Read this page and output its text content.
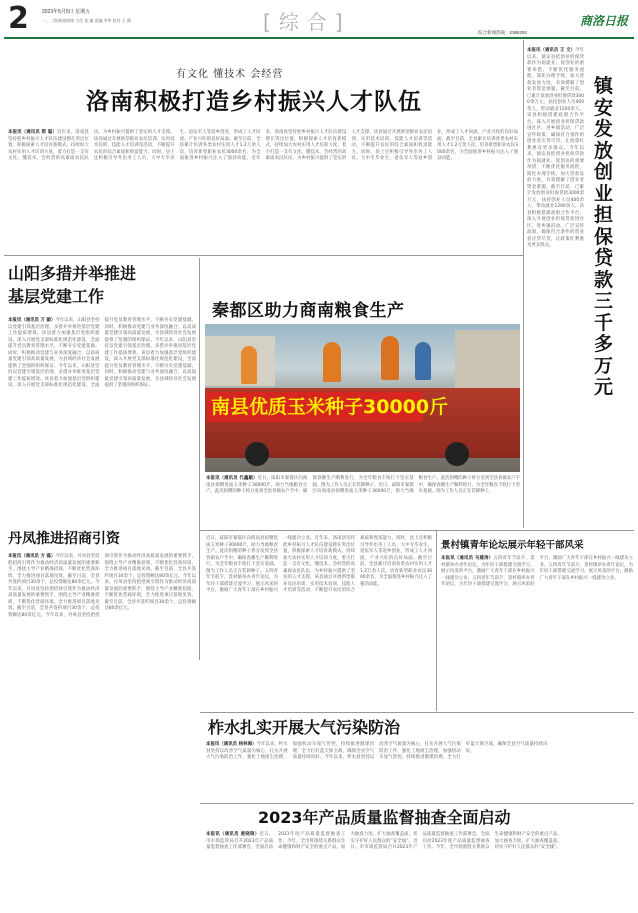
2	2023年5月5日 星期五
一、二级新闻热线 主任 张 编 责编 李华 校对 王 刚	[综合]	综合新闻热线：2386292
商洛日报
有文化 懂技术 会经营
洛南积极打造乡村振兴人才队伍
本报讯（通讯员 郭 聪）近年来，洛南县坚持把乡村振兴人才队伍建设摆在突出位置，积极探索人才培育新模式，持续加大农村实用人才培训力度，着力打造一支有文化、懂技术、会经营的高素质农民队伍，为乡村振兴提供了坚实的人才支撑。该县通过开展新型职业农民培训、实用技术培训、技能人才培训等活动，不断提升农民的综合素质和致富能力。同时，县上还积极引导外出务工人员、大中专毕业生、退伍军人等返乡创业，形成了人才回流、产业兴旺的良好局面。截至目前，全县累计培训各类农村实用人才1.2万余人次，培育新型职业农民3000余名，为全面推进乡村振兴注入了强劲动能。近年来，洛南县坚持把乡村振兴人才队伍建设摆在突出位置，积极探索人才培育新模式，持续加大农村实用人才培训力度，着力打造一支有文化、懂技术、会经营的高素质农民队伍，为乡村振兴提供了坚实的人才支撑。该县通过开展新型职业农民培训、实用技术培训、技能人才培训等活动，不断提升农民的综合素质和致富能力。同时，县上还积极引导外出务工人员、大中专毕业生、退伍军人等返乡创业，形成了人才回流、产业兴旺的良好局面。截至目前，全县累计培训各类农村实用人才1.2万余人次，培育新型职业农民3000余名，为全面推进乡村振兴注入了强劲动能。
本报讯（通讯员 王 文）今年以来，镇安县把创业担保贷款作为稳就业、促创业的重要举措，不断优化服务流程，简化办理手续，加大贷款发放力度，有效缓解了创业者资金难题。截至目前，已累计发放创业担保贷款3000余万元，扶持创业人员400余人，带动就业1200余人。该县积极搭建政银合作平台，深入开展创业担保贷款进社区、进乡镇活动，广泛宣传政策，确保符合条件的创业者应贷尽贷，让政策红利惠及更多群众。今年以来，镇安县把创业担保贷款作为稳就业、促创业的重要举措，不断优化服务流程，简化办理手续，加大贷款发放力度，有效缓解了创业者资金难题。截至目前，已累计发放创业担保贷款3000余万元，扶持创业人员400余人，带动就业1200余人。该县积极搭建政银合作平台，深入开展创业担保贷款进社区、进乡镇活动，广泛宣传政策，确保符合条件的创业者应贷尽贷，让政策红利惠及更多群众。
镇安发放创业担保贷款三千多万元
山阳多措并举推进基层党建工作
本报讯（通讯员 万 颖）今年以来，山阳县坚持以党建引领基层治理，多措并举推进基层党建工作提质增效。该县着力加强基层党组织建设，深入开展党支部标准化规范化建设，全面提升党员教育管理水平，不断夯实党建基础。同时，积极推动党建与业务深度融合，以高质量党建引领高质量发展，为县域经济社会发展提供了坚强的组织保证。今年以来，山阳县坚持以党建引领基层治理，多措并举推进基层党建工作提质增效。该县着力加强基层党组织建设，深入开展党支部标准化规范化建设，全面提升党员教育管理水平，不断夯实党建基础。同时，积极推动党建与业务深度融合，以高质量党建引领高质量发展，为县域经济社会发展提供了坚强的组织保证。今年以来，山阳县坚持以党建引领基层治理，多措并举推进基层党建工作提质增效。该县着力加强基层党组织建设，深入开展党支部标准化规范化建设，全面提升党员教育管理水平，不断夯实党建基础。同时，积极推动党建与业务深度融合，以高质量党建引领高质量发展，为县域经济社会发展提供了坚强的组织保证。
秦都区助力商南粮食生产
南县优质玉米种子30000斤
本报讯（通讯员 代鑫颖）近日，咸阳市秦都区向商南县捐赠优质玉米种子30000斤，助力当地粮食生产。此次捐赠的种子将分发到全县各镇农户手中，确保春播生产顺利进行，为全年粮食丰收打下坚实基础。图为工作人员正在装卸种子。近日，咸阳市秦都区向商南县捐赠优质玉米种子30000斤，助力当地粮食生产。此次捐赠的种子将分发到全县各镇农户手中，确保春播生产顺利进行，为全年粮食丰收打下坚实基础。图为工作人员正在装卸种子。
景村镇青年论坛展示年轻干部风采
本报讯（通讯员 马建涛）五四青年节前夕，景村镇举办青年论坛，为年轻干部搭建交流学习、展示风采的平台，激励广大青年干部在乡村振兴一线建功立业。五四青年节前夕，景村镇举办青年论坛，为年轻干部搭建交流学习、展示风采的平台，激励广大青年干部在乡村振兴一线建功立业。五四青年节前夕，景村镇举办青年论坛，为年轻干部搭建交流学习、展示风采的平台，激励广大青年干部在乡村振兴一线建功立业。
近日，咸阳市秦都区向商南县捐赠优质玉米种子30000斤，助力当地粮食生产。此次捐赠的种子将分发到全县各镇农户手中，确保春播生产顺利进行，为全年粮食丰收打下坚实基础。图为工作人员正在装卸种子。五四青年节前夕，景村镇举办青年论坛，为年轻干部搭建交流学习、展示风采的平台，激励广大青年干部在乡村振兴一线建功立业。近年来，洛南县坚持把乡村振兴人才队伍建设摆在突出位置，积极探索人才培育新模式，持续加大农村实用人才培训力度，着力打造一支有文化、懂技术、会经营的高素质农民队伍，为乡村振兴提供了坚实的人才支撑。该县通过开展新型职业农民培训、实用技术培训、技能人才培训等活动，不断提升农民的综合素质和致富能力。同时，县上还积极引导外出务工人员、大中专毕业生、退伍军人等返乡创业，形成了人才回流、产业兴旺的良好局面。截至目前，全县累计培训各类农村实用人才1.2万余人次，培育新型职业农民3000余名，为全面推进乡村振兴注入了强劲动能。
丹凤推进招商引资
本报讯（通讯员 方 磊）今年以来，丹凤县坚持把招商引资作为推动经济高质量发展的重要抓手，围绕主导产业精准招商，不断优化营商环境，全力推进项目落地见效。截至目前，全县共签约项目30余个，总投资额达80余亿元。今年以来，丹凤县坚持把招商引资作为推动经济高质量发展的重要抓手，围绕主导产业精准招商，不断优化营商环境，全力推进项目落地见效。截至目前，全县共签约项目30余个，总投资额达80余亿元。今年以来，丹凤县坚持把招商引资作为推动经济高质量发展的重要抓手，围绕主导产业精准招商，不断优化营商环境，全力推进项目落地见效。截至目前，全县共签约项目30余个，总投资额达80余亿元。今年以来，丹凤县坚持把招商引资作为推动经济高质量发展的重要抓手，围绕主导产业精准招商，不断优化营商环境，全力推进项目落地见效。截至目前，全县共签约项目30余个，总投资额达80余亿元。
柞水扎实开展大气污染防治
本报讯（通讯员 杨林海）今年以来，柞水县坚持以改善空气质量为核心，扎实开展大气污染防治工作，强化工地扬尘治理，加强机动车尾气管控，持续推进散煤治理，全力打好蓝天保卫战，确保全县空气质量持续向好。今年以来，柞水县坚持以改善空气质量为核心，扎实开展大气污染防治工作，强化工地扬尘治理，加强机动车尾气管控，持续推进散煤治理，全力打好蓝天保卫战，确保全县空气质量持续向好。
2023年产品质量监督抽查全面启动
本报讯（通讯员 姜晓瑞）近日，市市场监管局召开2023年产品质量监督抽查工作部署会，全面启动2023年度产品质量监督抽查工作。今年，全市将围绕关系群众生命健康和财产安全的重点产品，加大抽查力度，扩大抽查覆盖面，切实守护好人民群众的“安全线”。近日，市市场监管局召开2023年产品质量监督抽查工作部署会，全面启动2023年度产品质量监督抽查工作。今年，全市将围绕关系群众生命健康和财产安全的重点产品，加大抽查力度，扩大抽查覆盖面，切实守护好人民群众的“安全线”。
